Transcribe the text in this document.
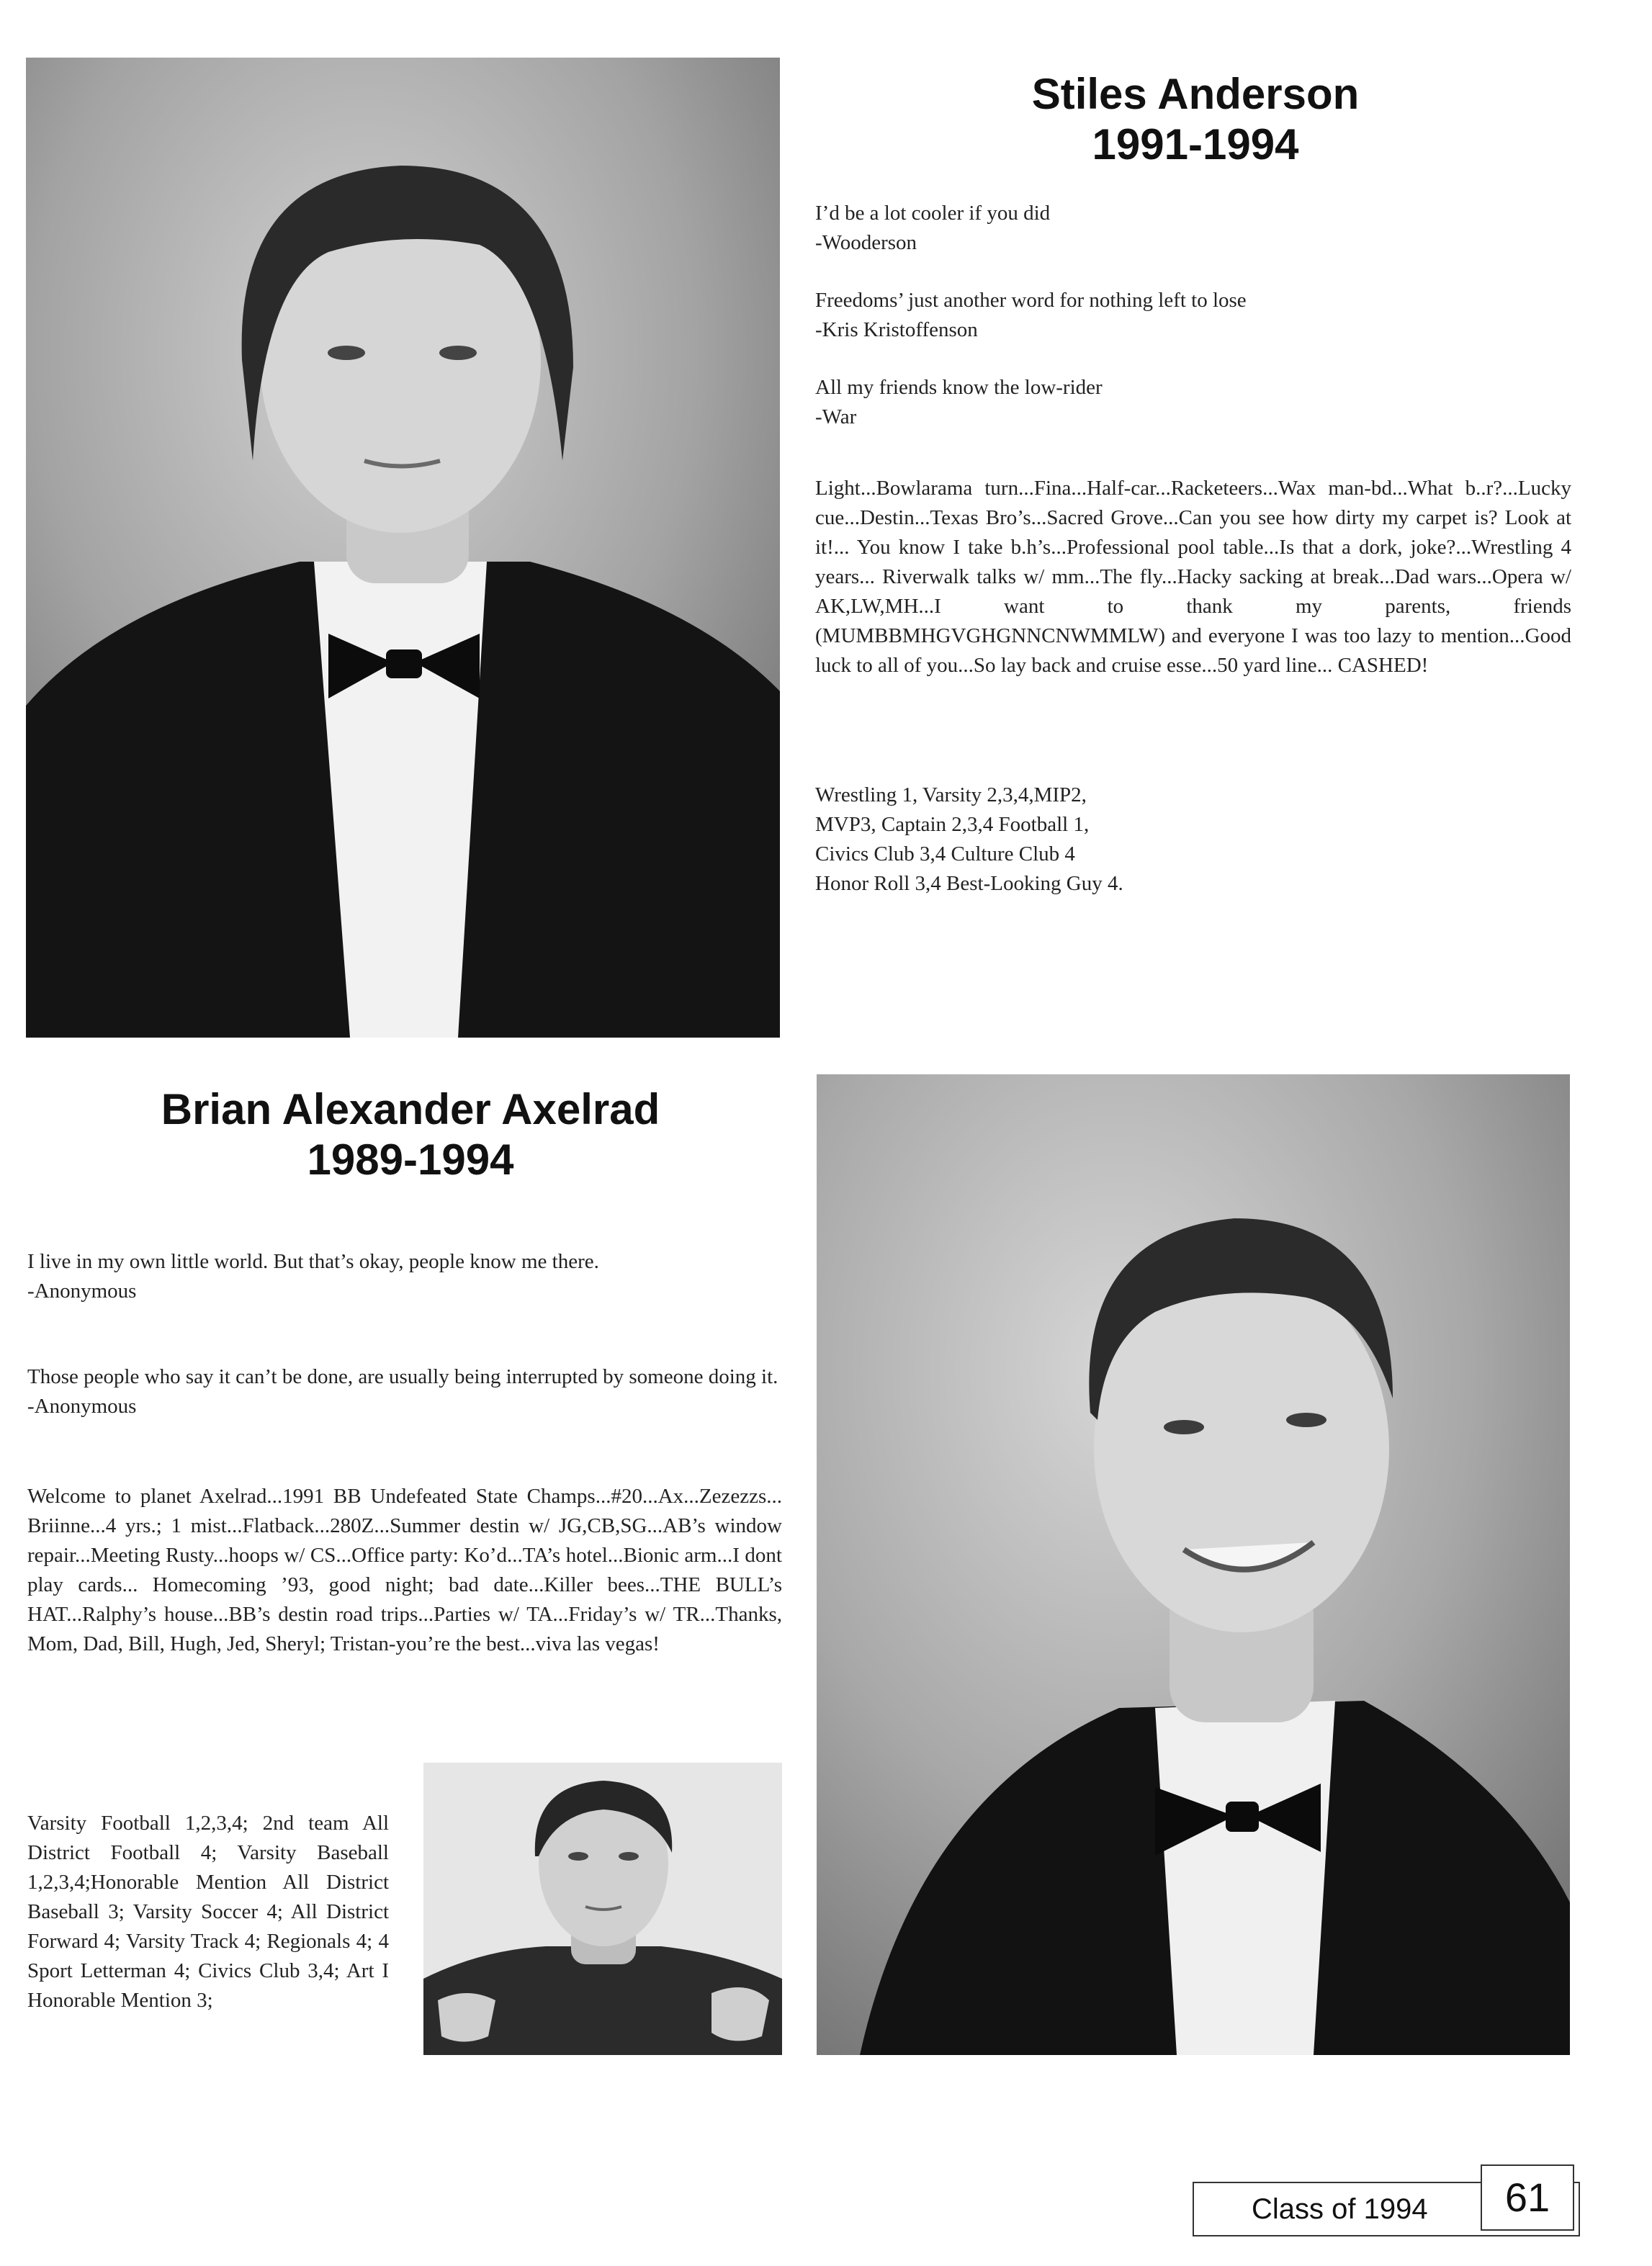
Stiles Anderson
1991-1994

I’d be a lot cooler if you did

-Wooderson

Freedoms’ just another word for nothing left to lose

-Kris Kristoffenson

All my friends know the low-rider

-War

Light...Bowlarama turn...Fina...Half-car...Racketeers...Wax man-bd...What b..r?...Lucky cue...Destin...Texas Bro’s...Sacred Grove...Can you see how dirty my carpet is? Look at it!... You know I take b.h’s...Professional pool table...Is that a dork, joke?...Wrestling 4 years... Riverwalk talks w/ mm...The fly...Hacky sacking at break...Dad wars...Opera w/ AK,LW,MH...I want to thank my parents, friends (MUMBBMHGVGHGNNCNWMMLW) and everyone I was too lazy to mention...Good luck to all of you...So lay back and cruise esse...50 yard line... CASHED!

Wrestling 1, Varsity 2,3,4,MIP2,

MVP3, Captain 2,3,4 Football 1,

Civics Club 3,4 Culture Club 4

Honor Roll 3,4 Best-Looking Guy 4.

Brian Alexander Axelrad
1989-1994

I live in my own little world. But that’s okay, people know me there.

-Anonymous

Those people who say it can’t be done, are usually being interrupted by someone doing it. -Anonymous

Welcome to planet Axelrad...1991 BB Undefeated State Champs...#20...Ax...Zezezzs... Briinne...4 yrs.; 1 mist...Flatback...280Z...Summer destin w/ JG,CB,SG...AB’s window repair...Meeting Rusty...hoops w/ CS...Office party: Ko’d...TA’s hotel...Bionic arm...I dont play cards... Homecoming ’93, good night; bad date...Killer bees...THE BULL’s HAT...Ralphy’s house...BB’s destin road trips...Parties w/ TA...Friday’s w/ TR...Thanks, Mom, Dad, Bill, Hugh, Jed, Sheryl; Tristan-you’re the best...viva las vegas!

Varsity Football 1,2,3,4; 2nd team All District Football 4; Varsity Baseball 1,2,3,4;Honorable Mention All District Baseball 3; Varsity Soccer 4; All District Forward 4; Varsity Track 4; Regionals 4; 4 Sport Letterman 4; Civics Club 3,4; Art I Honorable Mention 3;

Class of 1994	61
